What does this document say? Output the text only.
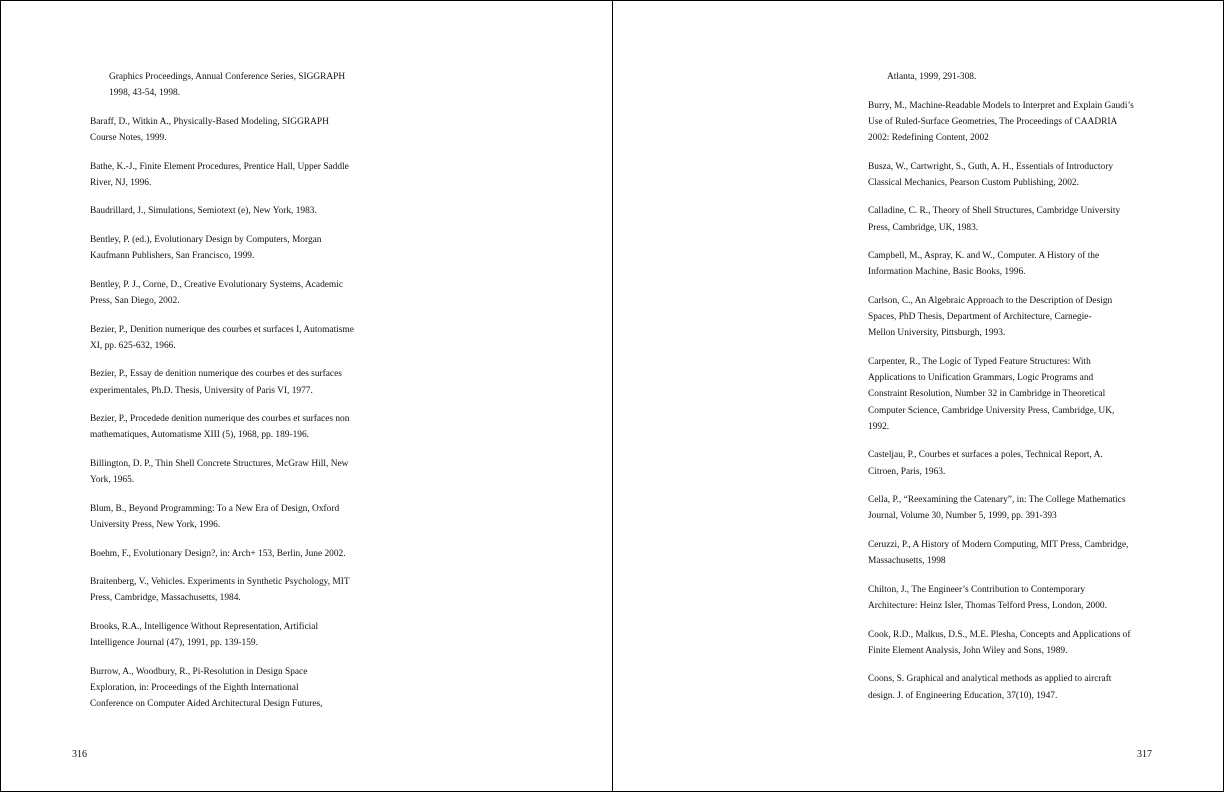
Graphics Proceedings, Annual Conference Series, SIGGRAPH
1998, 43-54, 1998.
Baraff, D., Witkin A., Physically-Based Modeling, SIGGRAPH
Course Notes, 1999.
Bathe, K.-J., Finite Element Procedures, Prentice Hall, Upper Saddle
River, NJ, 1996.
Baudrillard, J., Simulations, Semiotext (e), New York, 1983.
Bentley, P. (ed.), Evolutionary Design by Computers, Morgan
Kaufmann Publishers, San Francisco, 1999.
Bentley, P. J., Corne, D., Creative Evolutionary Systems, Academic
Press, San Diego, 2002.
Bezier, P., Denition numerique des courbes et surfaces I, Automatisme
XI, pp. 625-632, 1966.
Bezier, P., Essay de denition numerique des courbes et des surfaces
experimentales, Ph.D. Thesis, University of Paris VI, 1977.
Bezier, P., Procedede denition numerique des courbes et surfaces non
mathematiques, Automatisme XIII (5), 1968, pp. 189-196.
Billington, D. P., Thin Shell Concrete Structures, McGraw Hill, New
York, 1965.
Blum, B., Beyond Programming: To a New Era of Design, Oxford
University Press, New York, 1996.
Boehm, F., Evolutionary Design?, in: Arch+ 153, Berlin, June 2002.
Braitenberg, V., Vehicles. Experiments in Synthetic Psychology, MIT
Press, Cambridge, Massachusetts, 1984.
Brooks, R.A., Intelligence Without Representation, Artificial
Intelligence Journal (47), 1991, pp. 139-159.
Burrow, A., Woodbury, R., Pi-Resolution in Design Space
Exploration, in: Proceedings of the Eighth International
Conference on Computer Aided Architectural Design Futures,
316
Atlanta, 1999, 291-308.
Burry, M., Machine-Readable Models to Interpret and Explain Gaudi’s
Use of Ruled-Surface Geometries, The Proceedings of CAADRIA
2002: Redefining Content, 2002
Busza, W., Cartwright, S., Guth, A. H., Essentials of Introductory
Classical Mechanics, Pearson Custom Publishing, 2002.
Calladine, C. R., Theory of Shell Structures, Cambridge University
Press, Cambridge, UK, 1983.
Campbell, M., Aspray, K. and W., Computer. A History of the
Information Machine, Basic Books, 1996.
Carlson, C., An Algebraic Approach to the Description of Design
Spaces, PhD Thesis, Department of Architecture, Carnegie-
Mellon University, Pittsburgh, 1993.
Carpenter, R., The Logic of Typed Feature Structures: With
Applications to Unification Grammars, Logic Programs and
Constraint Resolution, Number 32 in Cambridge in Theoretical
Computer Science, Cambridge University Press, Cambridge, UK,
1992.
Casteljau, P., Courbes et surfaces a poles, Technical Report, A.
Citroen, Paris, 1963.
Cella, P., “Reexamining the Catenary”, in: The College Mathematics
Journal, Volume 30, Number 5, 1999, pp. 391-393
Ceruzzi, P., A History of Modern Computing, MIT Press, Cambridge,
Massachusetts, 1998
Chilton, J., The Engineer’s Contribution to Contemporary
Architecture: Heinz Isler, Thomas Telford Press, London, 2000.
Cook, R.D., Malkus, D.S., M.E. Plesha, Concepts and Applications of
Finite Element Analysis, John Wiley and Sons, 1989.
Coons, S. Graphical and analytical methods as applied to aircraft
design. J. of Engineering Education, 37(10), 1947.
317
